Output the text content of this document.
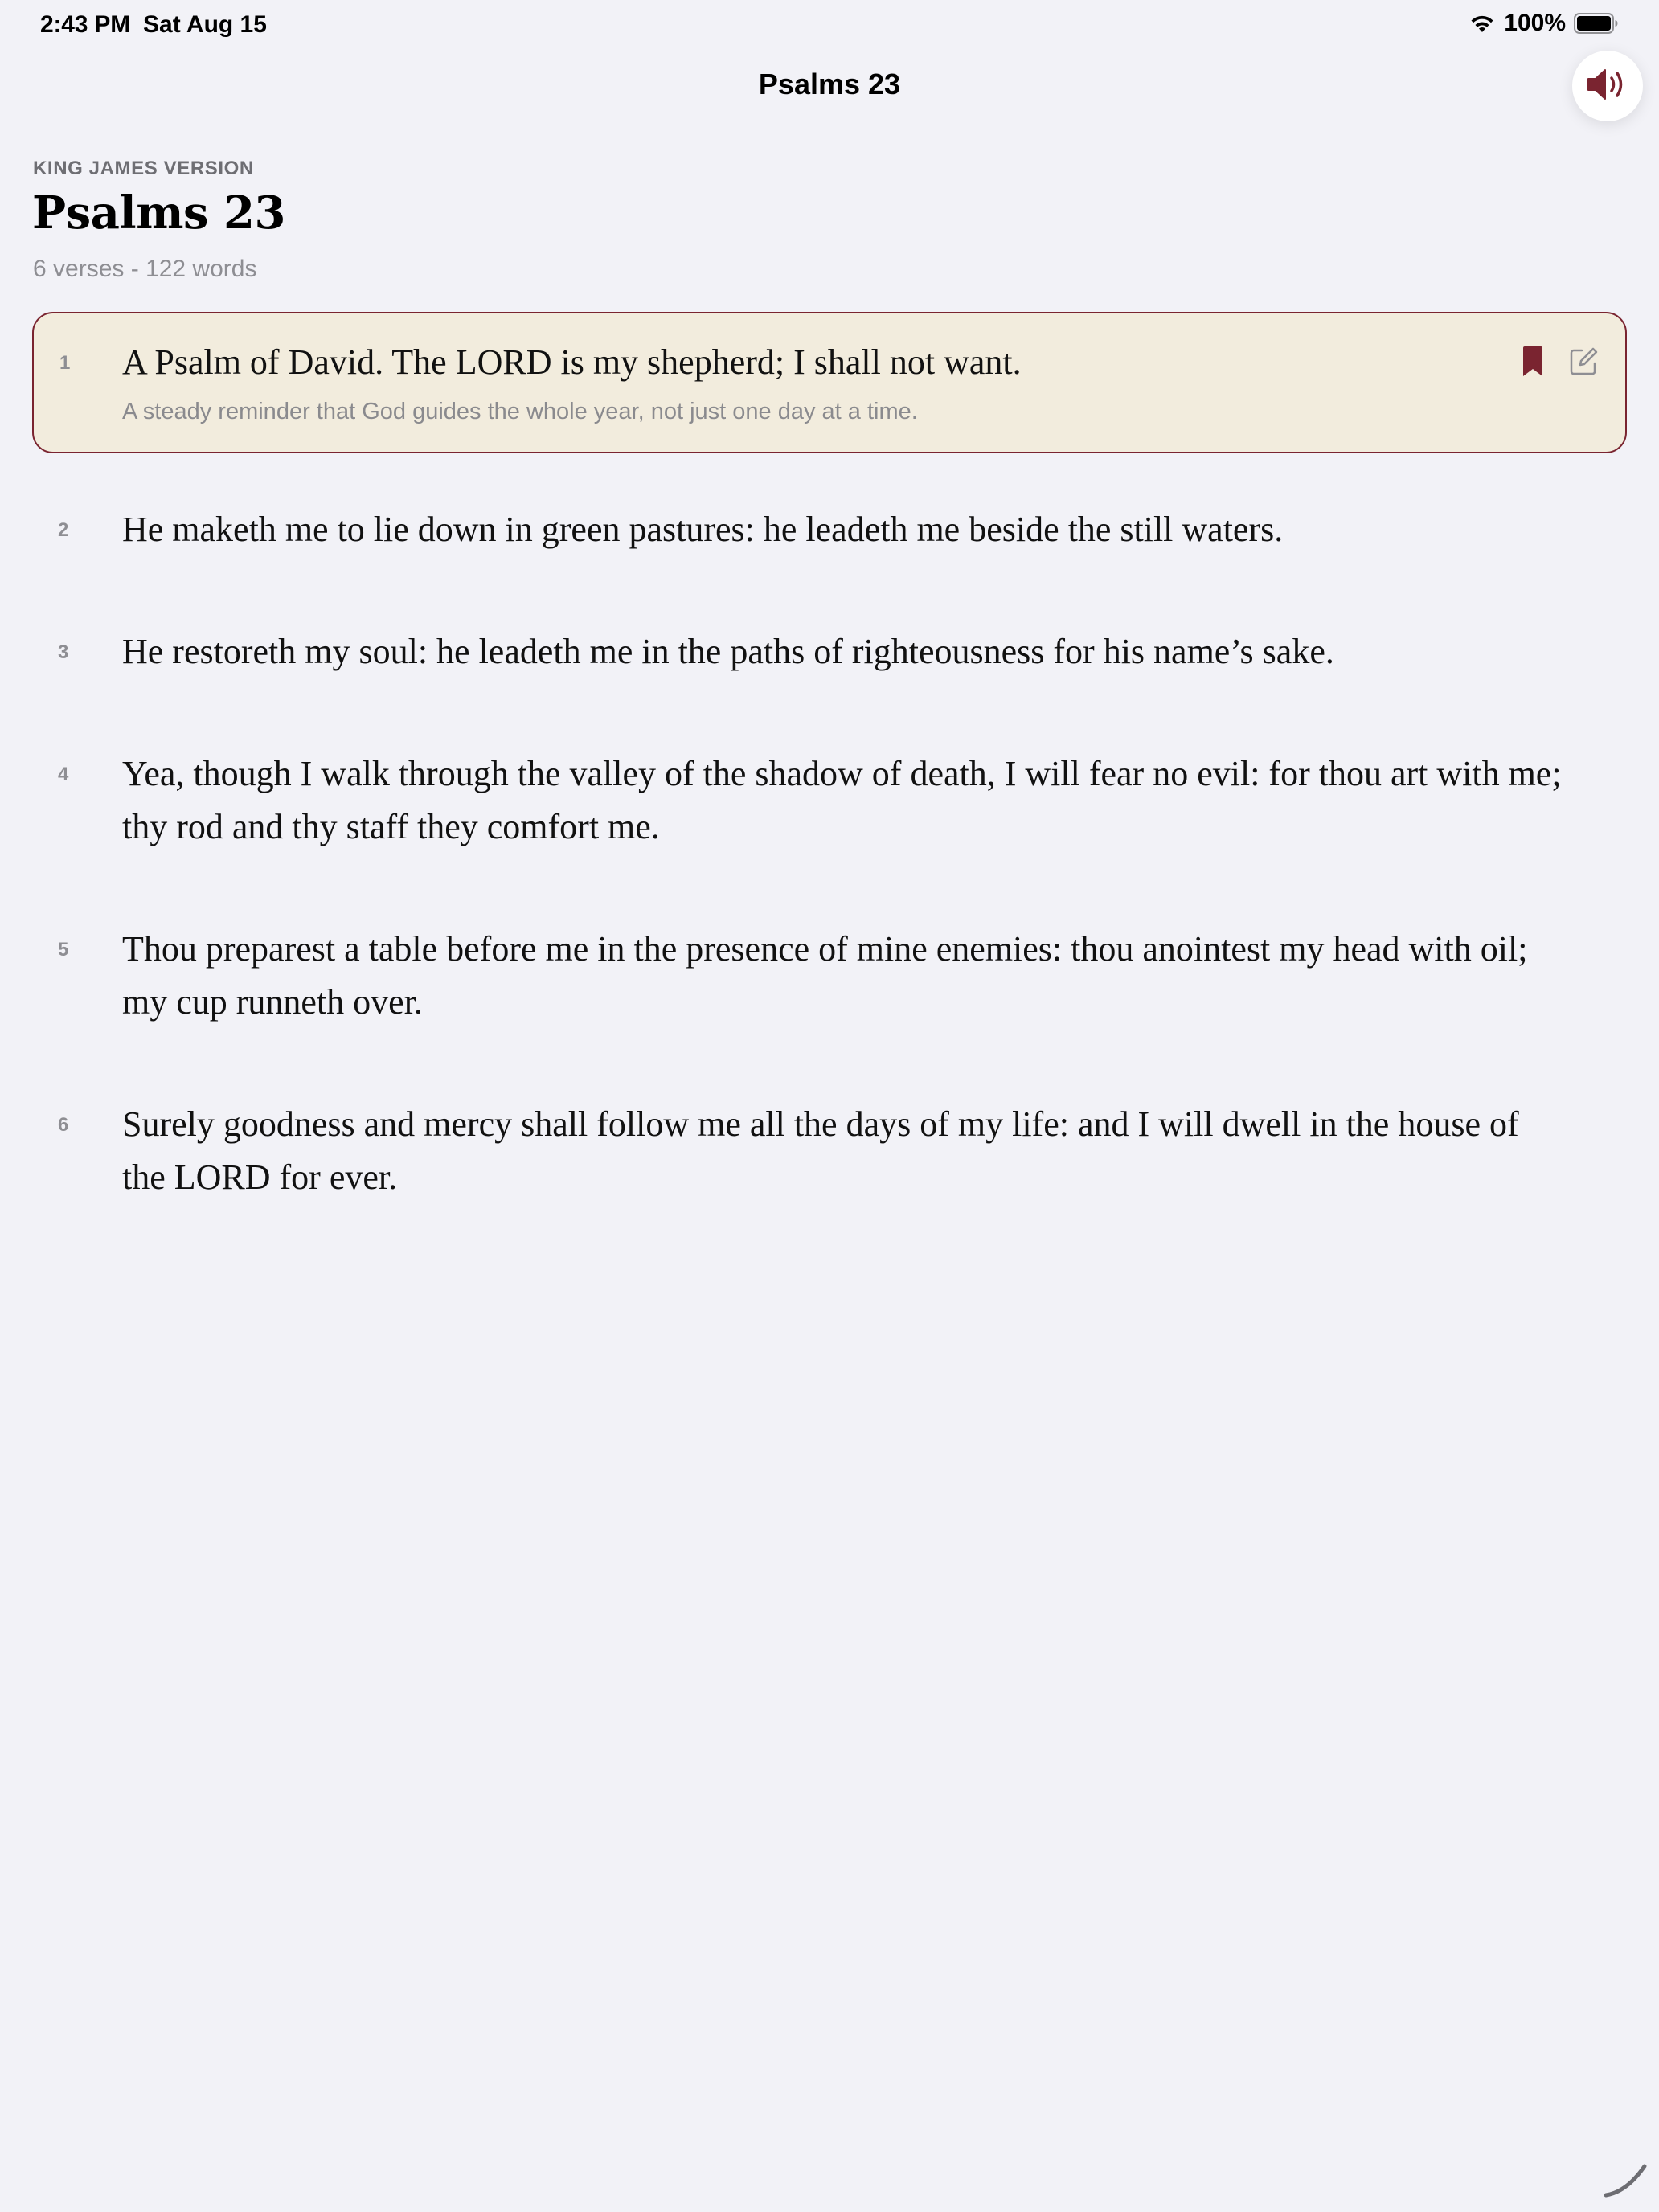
2:43 PM Sat Aug 15	100%
Psalms 23
KING JAMES VERSION
Psalms 23
6 verses - 122 words
1 A Psalm of David. The LORD is my shepherd; I shall not want.
A steady reminder that God guides the whole year, not just one day at a time.
2 He maketh me to lie down in green pastures: he leadeth me beside the still waters.
3 He restoreth my soul: he leadeth me in the paths of righteousness for his name’s sake.
4 Yea, though I walk through the valley of the shadow of death, I will fear no evil: for thou art with me; thy rod and thy staff they comfort me.
5 Thou preparest a table before me in the presence of mine enemies: thou anointest my head with oil; my cup runneth over.
6 Surely goodness and mercy shall follow me all the days of my life: and I will dwell in the house of the LORD for ever.
